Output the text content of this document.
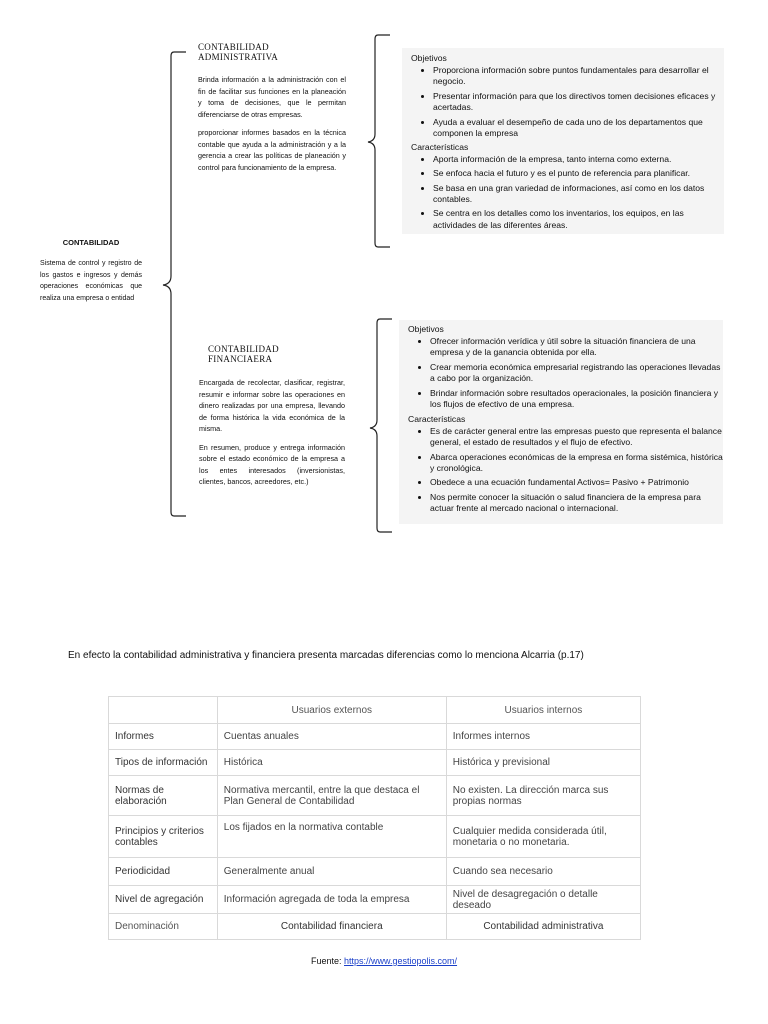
CONTABILIDAD
Sistema de control y registro de los gastos e ingresos y demás operaciones económicas que realiza una empresa o entidad
CONTABILIDAD ADMINISTRATIVA
Brinda información a la administración con el fin de facilitar sus funciones en la planeación y toma de decisiones, que le permitan diferenciarse de otras empresas.
proporcionar informes basados en la técnica contable que ayuda a la administración y a la gerencia a crear las políticas de planeación y control para funcionamiento de la empresa.
CONTABILIDAD FINANCIAERA
Encargada de recolectar, clasificar, registrar, resumir e informar sobre las operaciones en dinero realizadas por una empresa, llevando de forma histórica la vida económica de la misma.
En resumen, produce y entrega información sobre el estado económico de la empresa a los entes interesados (inversionistas, clientes, bancos, acreedores, etc.)
Objetivos
• Proporciona información sobre puntos fundamentales para desarrollar el negocio.
• Presentar información para que los directivos tomen decisiones eficaces y acertadas.
• Ayuda a evaluar el desempeño de cada uno de los departamentos que componen la empresa
Características
• Aporta información de la empresa, tanto interna como externa.
• Se enfoca hacia el futuro y es el punto de referencia para planificar.
• Se basa en una gran variedad de informaciones, así como en los datos contables.
• Se centra en los detalles como los inventarios, los equipos, en las actividades de las diferentes áreas.
Objetivos
• Ofrecer información verídica y útil sobre la situación financiera de una empresa y de la ganancia obtenida por ella.
• Crear memoria económica empresarial registrando las operaciones llevadas a cabo por la organización.
• Brindar información sobre resultados operacionales, la posición financiera y los flujos de efectivo de una empresa.
Características
• Es de carácter general entre las empresas puesto que representa el balance general, el estado de resultados y el flujo de efectivo.
• Abarca operaciones económicas de la empresa en forma sistémica, histórica y cronológica.
• Obedece a una ecuación fundamental Activos= Pasivo + Patrimonio
• Nos permite conocer la situación o salud financiera de la empresa para actuar frente al mercado nacional o internacional.
En efecto la contabilidad administrativa y financiera presenta marcadas diferencias como lo menciona Alcarria (p.17)
	Usuarios externos	Usuarios internos
Informes	Cuentas anuales	Informes internos
Tipos de información	Histórica	Histórica y previsional
Normas de elaboración	Normativa mercantil, entre la que destaca el Plan General de Contabilidad	No existen. La dirección marca sus propias normas
Principios y criterios contables	Los fijados en la normativa contable	Cualquier medida considerada útil, monetaria o no monetaria.
Periodicidad	Generalmente anual	Cuando sea necesario
Nivel de agregación	Información agregada de toda la empresa	Nivel de desagregación o detalle deseado
Denominación	Contabilidad financiera	Contabilidad administrativa
Fuente: https://www.gestiopolis.com/
